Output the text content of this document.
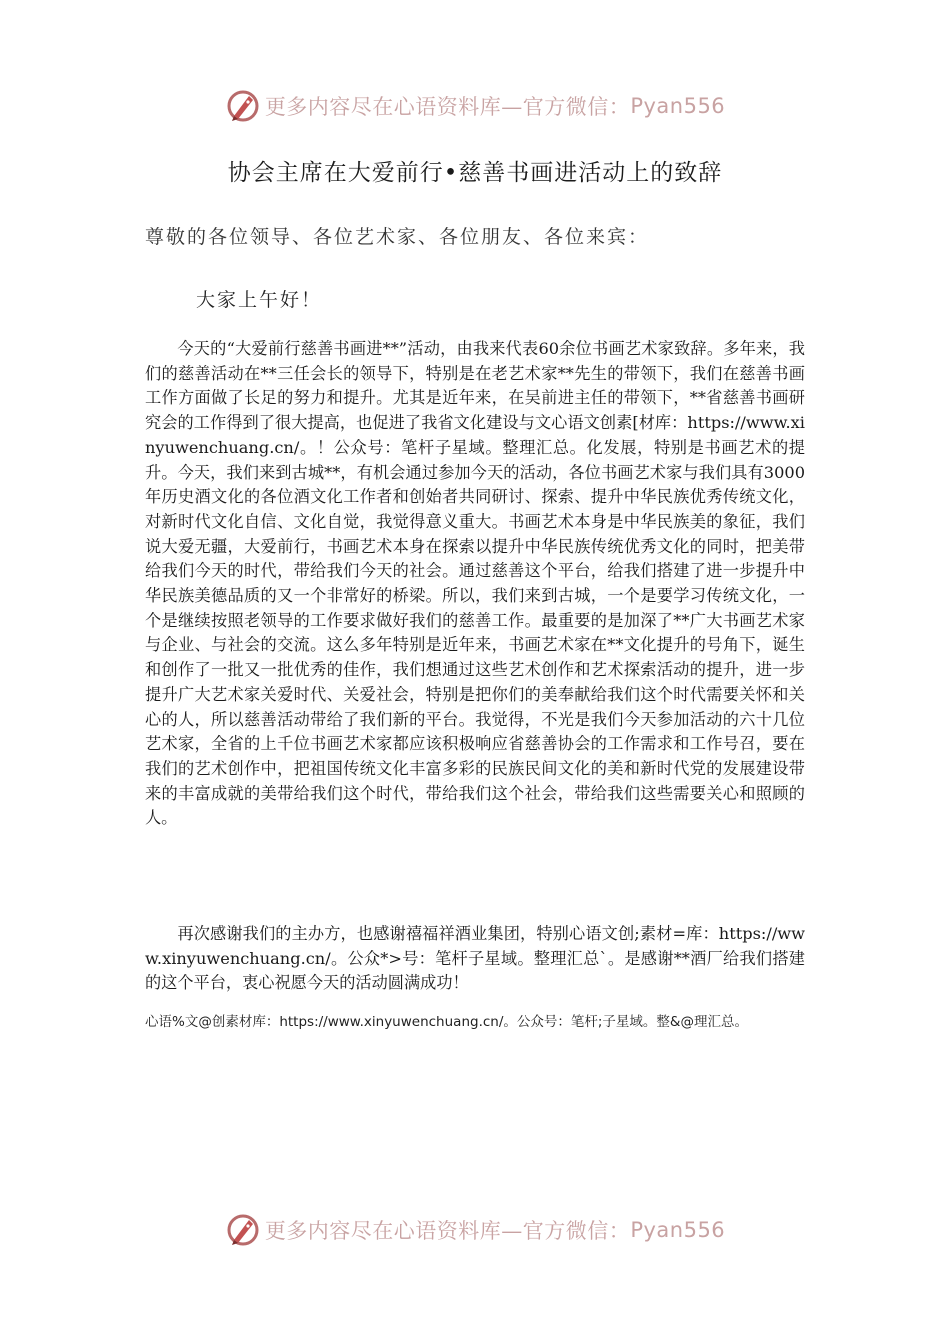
更多内容尽在心语资料库—官方微信： Pyan556
协会主席在大爱前行•慈善书画进活动上的致辞

尊敬的各位领导、各位艺术家、各位朋友、各位来宾：

大家上午好！

今天的“大爱前行慈善书画进**”活动，由我来代表60余位书画艺术家致辞。多年来，我们的慈善活动在**三任会长的领导下，特别是在老艺术家**先生的带领下，我们在慈善书画工作方面做了长足的努力和提升。尤其是近年来，在吴前进主任的带领下，**省慈善书画研究会的工作得到了很大提高，也促进了我省文化建设与文心语文创素[材库：https://www.xinyuwenchuang.cn/。！公众号：笔杆子星域。整理汇总。化发展，特别是书画艺术的提升。今天，我们来到古城**，有机会通过参加今天的活动，各位书画艺术家与我们具有3000年历史酒文化的各位酒文化工作者和创始者共同研讨、探索、提升中华民族优秀传统文化，对新时代文化自信、文化自觉，我觉得意义重大。书画艺术本身是中华民族美的象征，我们说大爱无疆，大爱前行，书画艺术本身在探索以提升中华民族传统优秀文化的同时，把美带给我们今天的时代，带给我们今天的社会。通过慈善这个平台，给我们搭建了进一步提升中华民族美德品质的又一个非常好的桥梁。所以，我们来到古城，一个是要学习传统文化，一个是继续按照老领导的工作要求做好我们的慈善工作。最重要的是加深了**广大书画艺术家与企业、与社会的交流。这么多年特别是近年来，书画艺术家在**文化提升的号角下，诞生和创作了一批又一批优秀的佳作，我们想通过这些艺术创作和艺术探索活动的提升，进一步提升广大艺术家关爱时代、关爱社会，特别是把你们的美奉献给我们这个时代需要关怀和关心的人，所以慈善活动带给了我们新的平台。我觉得，不光是我们今天参加活动的六十几位艺术家，全省的上千位书画艺术家都应该积极响应省慈善协会的工作需求和工作号召，要在我们的艺术创作中，把祖国传统文化丰富多彩的民族民间文化的美和新时代党的发展建设带来的丰富成就的美带给我们这个时代，带给我们这个社会，带给我们这些需要关心和照顾的人。

再次感谢我们的主办方，也感谢禧福祥酒业集团，特别心语文创;素材=库：https://www.xinyuwenchuang.cn/。公众*>号：笔杆子星域。整理汇总`。是感谢**酒厂给我们搭建的这个平台，衷心祝愿今天的活动圆满成功！

心语%文@创素材库：https://www.xinyuwenchuang.cn/。公众号：笔杆;子星域。整&@理汇总。

更多内容尽在心语资料库—官方微信： Pyan556
